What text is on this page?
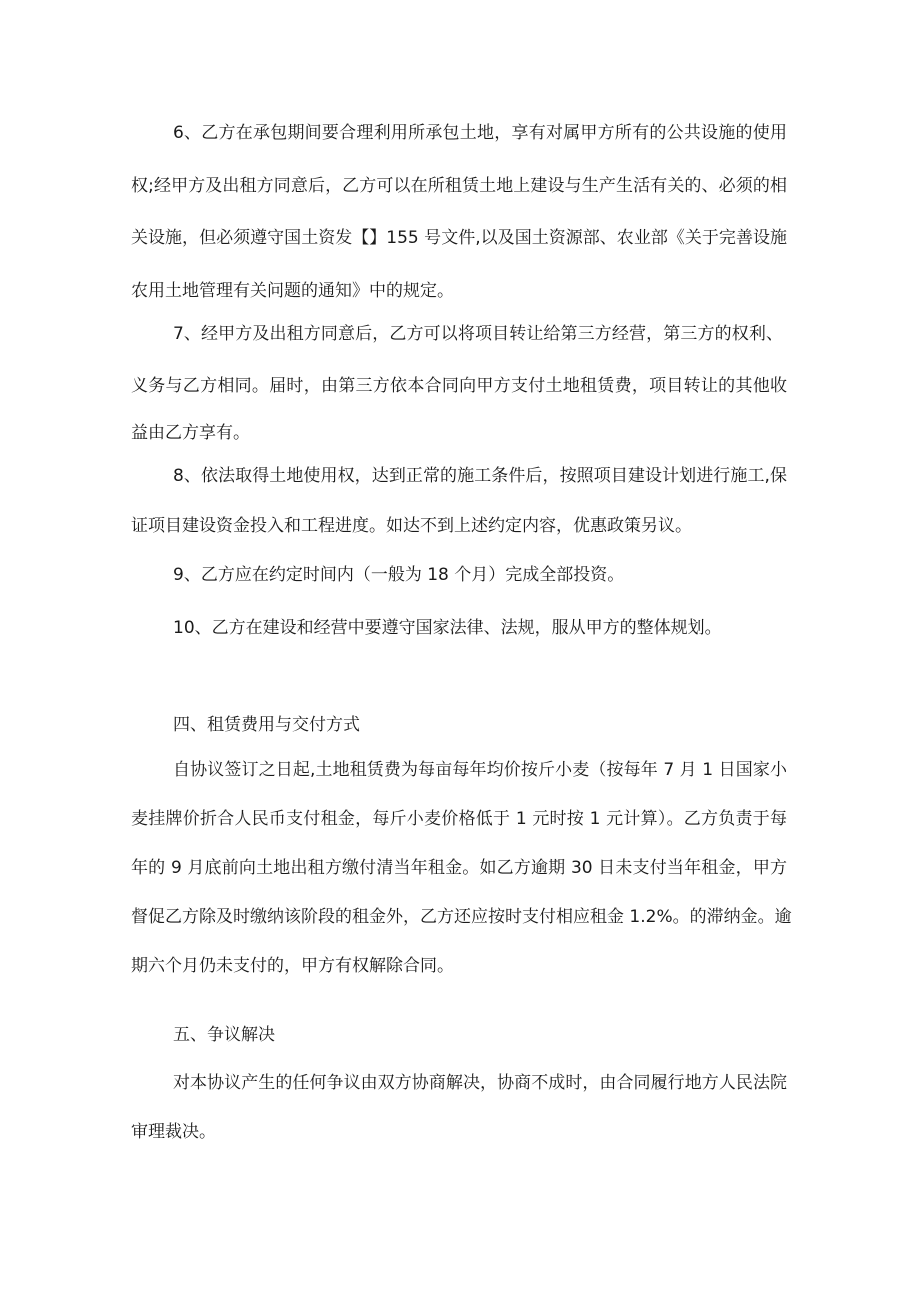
6、乙方在承包期间要合理利用所承包土地，享有对属甲方所有的公共设施的使用
权;经甲方及出租方同意后，乙方可以在所租赁土地上建设与生产生活有关的、必须的相
关设施，但必须遵守国土资发【】155 号文件,以及国土资源部、农业部《关于完善设施
农用土地管理有关问题的通知》中的规定。
7、经甲方及出租方同意后，乙方可以将项目转让给第三方经营，第三方的权利、
义务与乙方相同。届时，由第三方依本合同向甲方支付土地租赁费，项目转让的其他收
益由乙方享有。
8、依法取得土地使用权，达到正常的施工条件后，按照项目建设计划进行施工,保
证项目建设资金投入和工程进度。如达不到上述约定内容，优惠政策另议。
9、乙方应在约定时间内（一般为 18 个月）完成全部投资。
10、乙方在建设和经营中要遵守国家法律、法规，服从甲方的整体规划。
四、租赁费用与交付方式
自协议签订之日起,土地租赁费为每亩每年均价按斤小麦（按每年 7 月 1 日国家小
麦挂牌价折合人民币支付租金，每斤小麦价格低于 1 元时按 1 元计算）。乙方负责于每
年的 9 月底前向土地出租方缴付清当年租金。如乙方逾期 30 日未支付当年租金，甲方
督促乙方除及时缴纳该阶段的租金外，乙方还应按时支付相应租金 1.2%。的滞纳金。逾
期六个月仍未支付的，甲方有权解除合同。
五、争议解决
对本协议产生的任何争议由双方协商解决，协商不成时，由合同履行地方人民法院
审理裁决。
